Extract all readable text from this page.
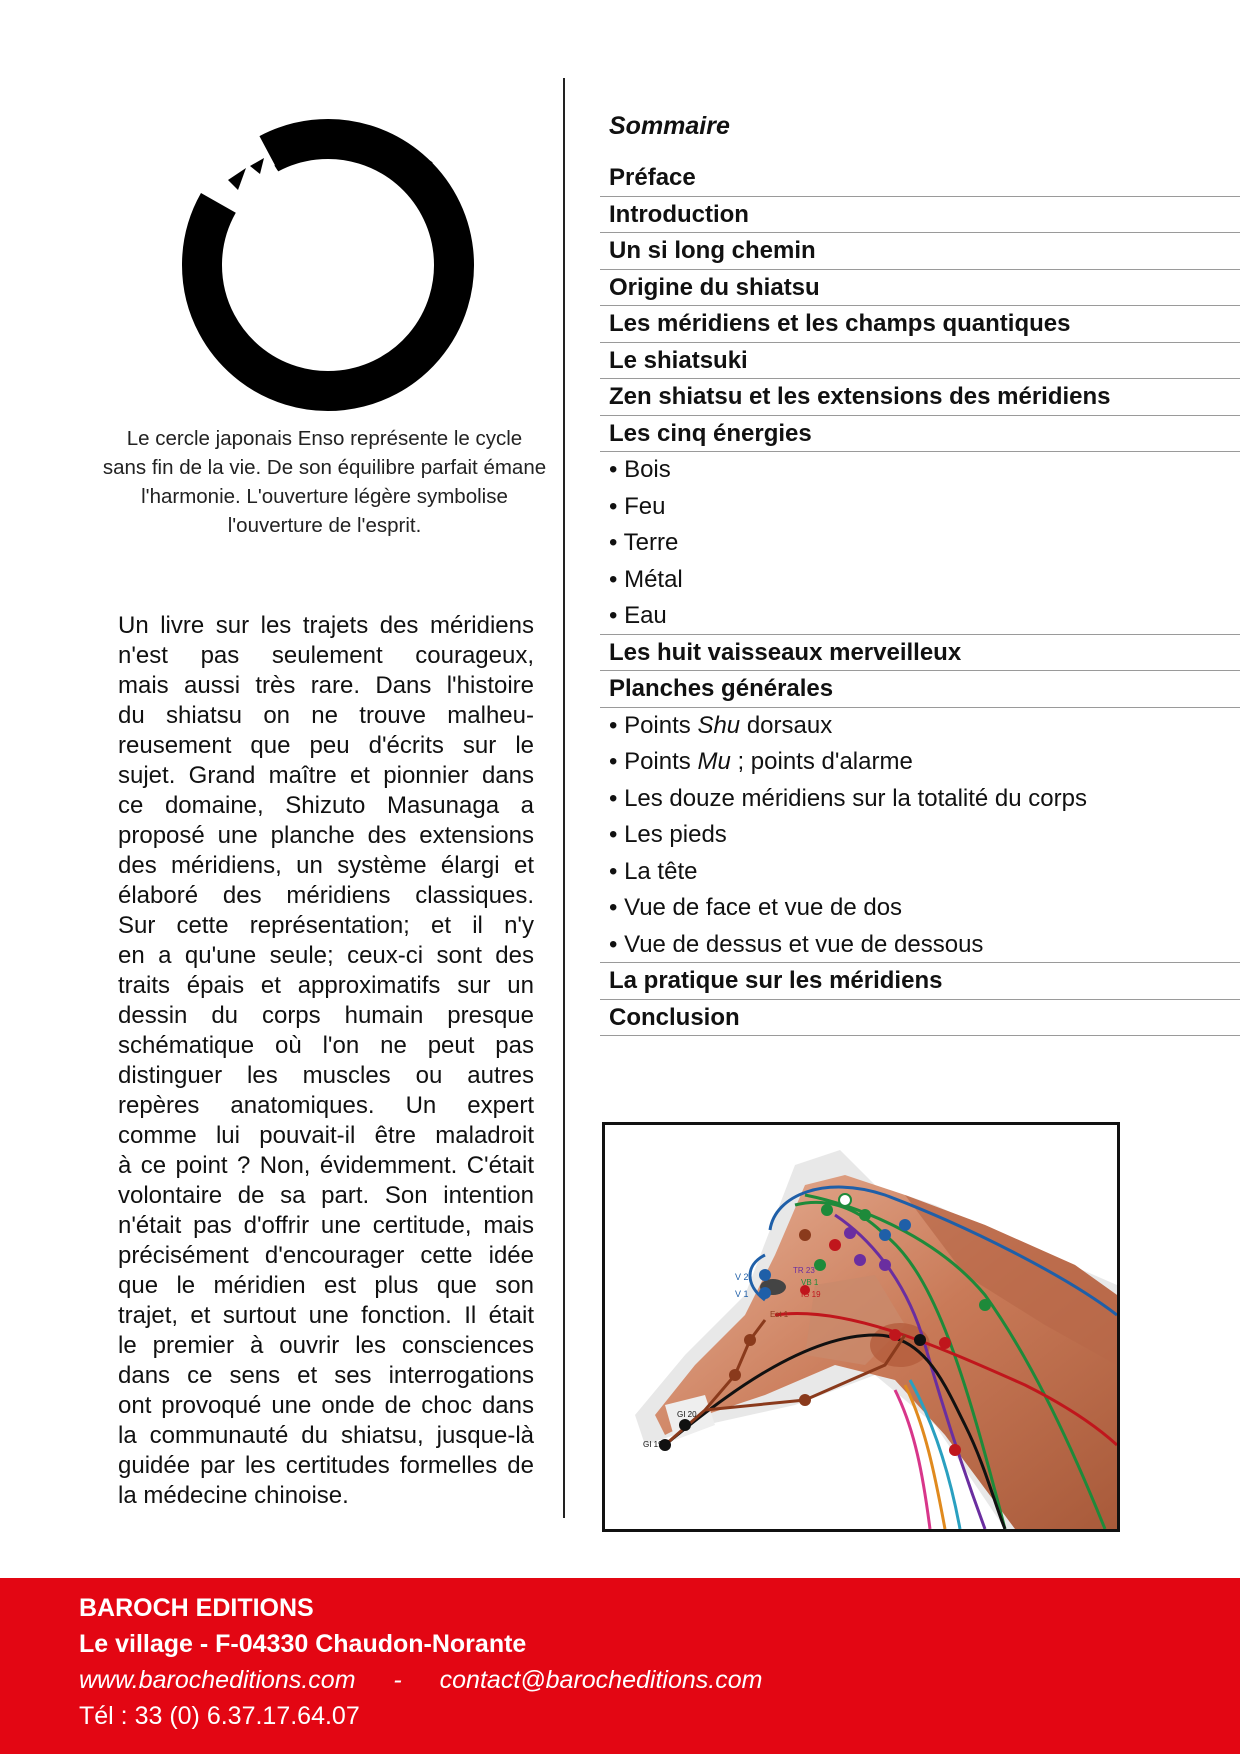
Le cercle japonais Enso représente le cycle
sans fin de la vie. De son équilibre parfait émane
l'harmonie. L'ouverture légère symbolise
l'ouverture de l'esprit.
Un livre sur les trajets des méridiens
n'est pas seulement courageux,
mais aussi très rare. Dans l'histoire
du shiatsu on ne trouve malheu-
reusement que peu d'écrits sur le
sujet. Grand maître et pionnier dans
ce domaine, Shizuto Masunaga a
proposé une planche des extensions
des méridiens, un système élargi et
élaboré des méridiens classiques.
Sur cette représentation; et il n'y
en a qu'une seule; ceux-ci sont des
traits épais et approximatifs sur un
dessin du corps humain presque
schématique où l'on ne peut pas
distinguer les muscles ou autres
repères anatomiques. Un expert
comme lui pouvait-il être maladroit
à ce point ? Non, évidemment. C'était
volontaire de sa part. Son intention
n'était pas d'offrir une certitude, mais
précisément d'encourager cette idée
que le méridien est plus que son
trajet, et surtout une fonction. Il était
le premier à ouvrir les consciences
dans ce sens et ses interrogations
ont provoqué une onde de choc dans
la communauté du shiatsu, jusque-là
guidée par les certitudes formelles de
la médecine chinoise.
Sommaire
Préface
Introduction
Un si long chemin
Origine du shiatsu
Les méridiens et les champs quantiques
Le shiatsuki
Zen shiatsu et les extensions des méridiens
Les cinq énergies
• Bois
• Feu
• Terre
• Métal
• Eau
Les huit vaisseaux merveilleux
Planches générales
• Points Shu dorsaux
• Points Mu ; points d'alarme
• Les douze méridiens sur la totalité du corps
• Les pieds
• La tête
• Vue de face et vue de dos
• Vue de dessus et vue de dessous
La pratique sur les méridiens
Conclusion
V 2
V 1
TR 23
VB 1
IG 19
Est 1
GI 20
GI 19
BAROCH EDITIONS
Le village - F-04330 Chaudon-Norante
www.barocheditions.com - contact@barocheditions.com
Tél : 33 (0) 6.37.17.64.07
